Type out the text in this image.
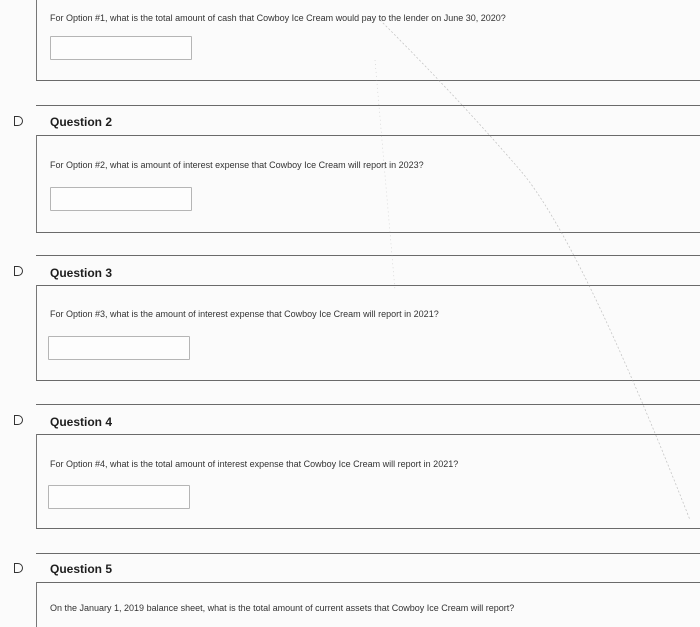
For Option #1, what is the total amount of cash that Cowboy Ice Cream would pay to the lender on June 30, 2020?
Question 2
For Option #2, what is amount of interest expense that Cowboy Ice Cream will report in 2023?
Question 3
For Option #3, what is the amount of interest expense that Cowboy Ice Cream will report in 2021?
Question 4
For Option #4, what is the total amount of interest expense that Cowboy Ice Cream will report in 2021?
Question 5
On the January 1, 2019 balance sheet, what is the total amount of current assets that Cowboy Ice Cream will report?
